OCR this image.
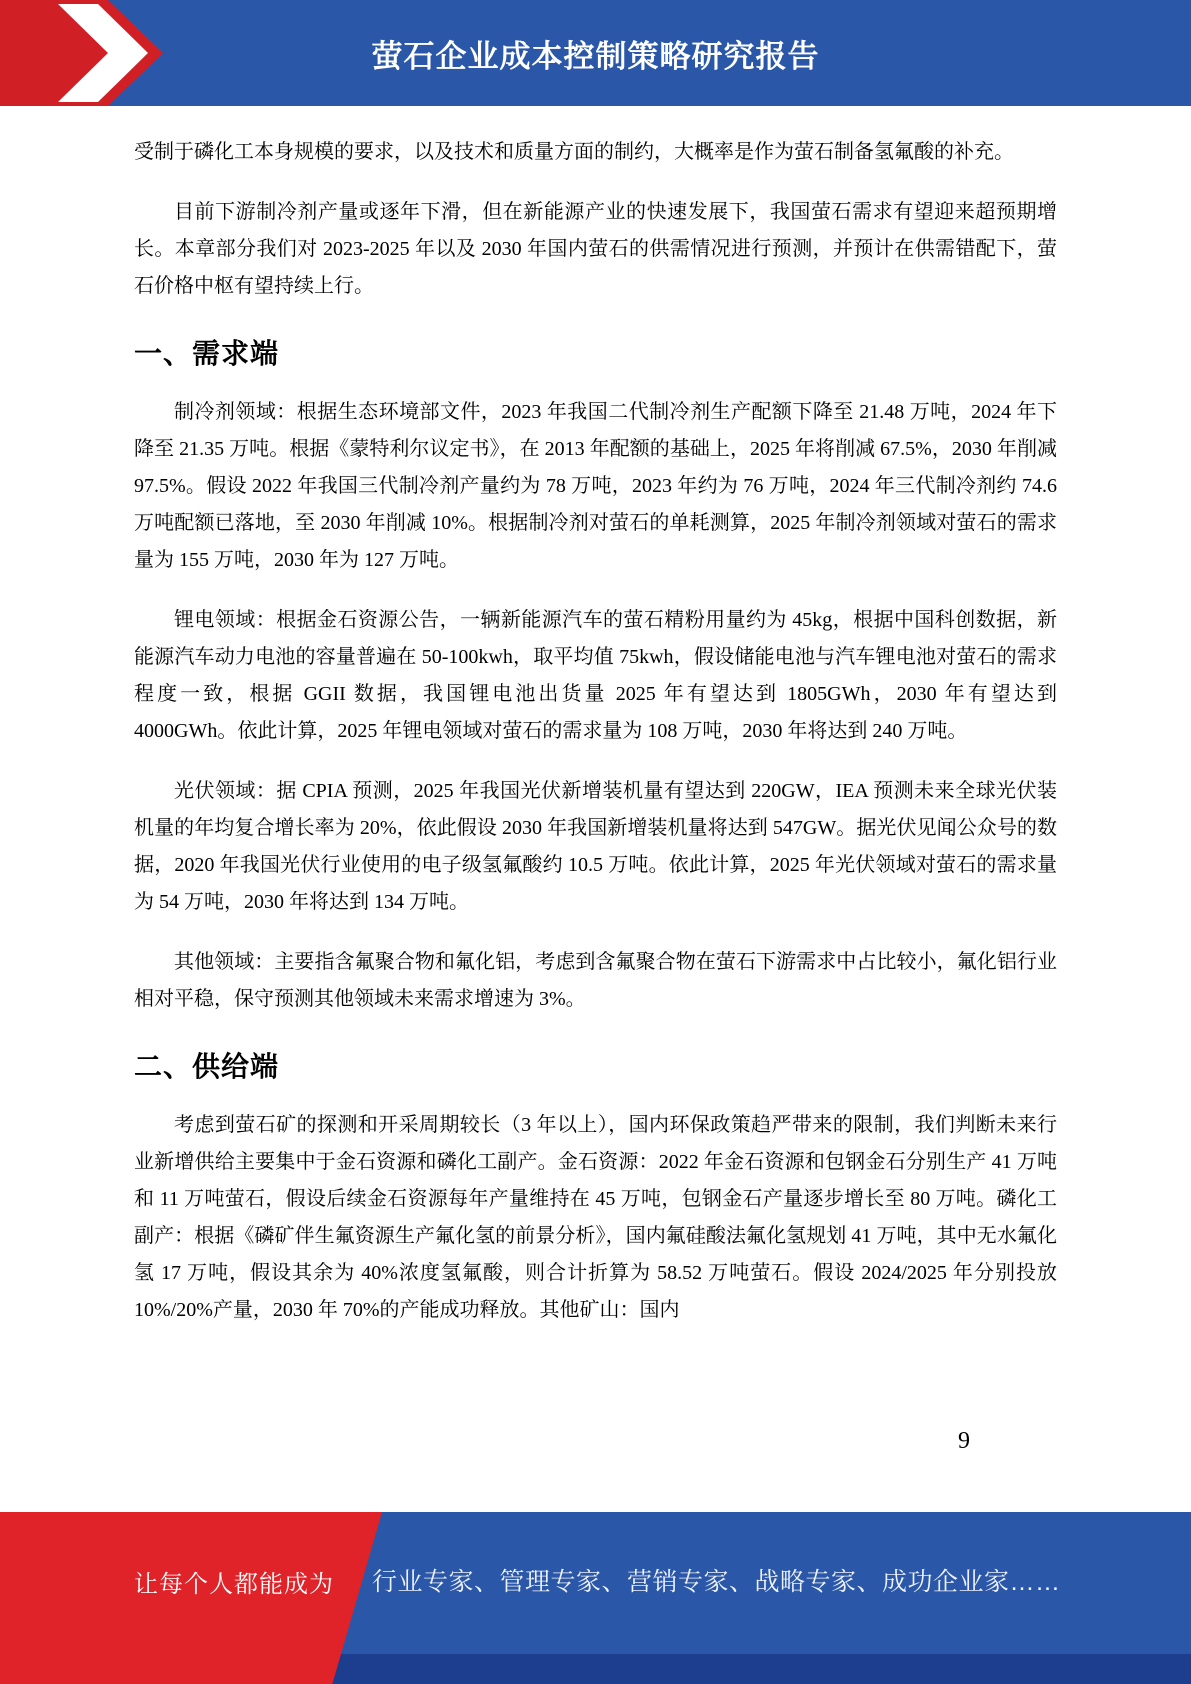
萤石企业成本控制策略研究报告

受制于磷化工本身规模的要求，以及技术和质量方面的制约，大概率是作为萤石制备氢氟酸的补充。

目前下游制冷剂产量或逐年下滑，但在新能源产业的快速发展下，我国萤石需求有望迎来超预期增长。本章部分我们对 2023-2025 年以及 2030 年国内萤石的供需情况进行预测，并预计在供需错配下，萤石价格中枢有望持续上行。

一、需求端

制冷剂领域：根据生态环境部文件，2023 年我国二代制冷剂生产配额下降至 21.48 万吨，2024 年下降至 21.35 万吨。根据《蒙特利尔议定书》，在 2013 年配额的基础上，2025 年将削减 67.5%，2030 年削减 97.5%。假设 2022 年我国三代制冷剂产量约为 78 万吨，2023 年约为 76 万吨，2024 年三代制冷剂约 74.6 万吨配额已落地，至 2030 年削减 10%。根据制冷剂对萤石的单耗测算，2025 年制冷剂领域对萤石的需求量为 155 万吨，2030 年为 127 万吨。

锂电领域：根据金石资源公告，一辆新能源汽车的萤石精粉用量约为 45kg，根据中国科创数据，新能源汽车动力电池的容量普遍在 50-100kwh，取平均值 75kwh，假设储能电池与汽车锂电池对萤石的需求程度一致，根据 GGII 数据，我国锂电池出货量 2025 年有望达到 1805GWh，2030 年有望达到 4000GWh。依此计算，2025 年锂电领域对萤石的需求量为 108 万吨，2030 年将达到 240 万吨。

光伏领域：据 CPIA 预测，2025 年我国光伏新增装机量有望达到 220GW，IEA 预测未来全球光伏装机量的年均复合增长率为 20%，依此假设 2030 年我国新增装机量将达到 547GW。据光伏见闻公众号的数据，2020 年我国光伏行业使用的电子级氢氟酸约 10.5 万吨。依此计算，2025 年光伏领域对萤石的需求量为 54 万吨，2030 年将达到 134 万吨。

其他领域：主要指含氟聚合物和氟化铝，考虑到含氟聚合物在萤石下游需求中占比较小，氟化铝行业相对平稳，保守预测其他领域未来需求增速为 3%。

二、供给端

考虑到萤石矿的探测和开采周期较长（3 年以上），国内环保政策趋严带来的限制，我们判断未来行业新增供给主要集中于金石资源和磷化工副产。金石资源：2022 年金石资源和包钢金石分别生产 41 万吨和 11 万吨萤石，假设后续金石资源每年产量维持在 45 万吨，包钢金石产量逐步增长至 80 万吨。磷化工副产：根据《磷矿伴生氟资源生产氟化氢的前景分析》，国内氟硅酸法氟化氢规划 41 万吨，其中无水氟化氢 17 万吨，假设其余为 40%浓度氢氟酸，则合计折算为 58.52 万吨萤石。假设 2024/2025 年分别投放 10%/20%产量，2030 年 70%的产能成功释放。其他矿山：国内

9
让每个人都能成为 行业专家、管理专家、营销专家、战略专家、成功企业家……
